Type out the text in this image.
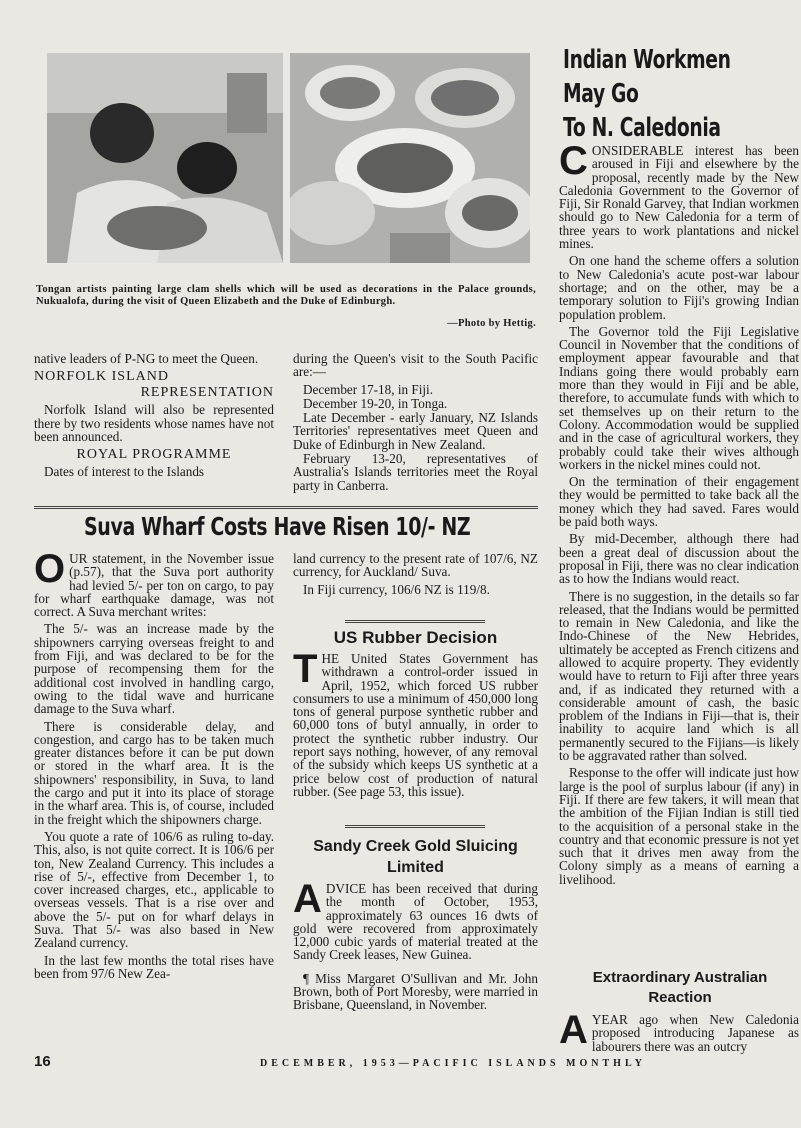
Tongan artists painting large clam shells which will be used as decorations in the Palace grounds, Nukualofa, during the visit of Queen Elizabeth and the Duke of Edinburgh.
—Photo by Hettig.

native leaders of P-NG to meet the Queen.

NORFOLK ISLAND
REPRESENTATION

Norfolk Island will also be represented there by two residents whose names have not been announced.

ROYAL PROGRAMME

Dates of interest to the Islands

during the Queen's visit to the South Pacific are:—

December 17-18, in Fiji.

December 19-20, in Tonga.

Late December - early January, NZ Islands Territories' representatives meet Queen and Duke of Edinburgh in New Zealand.

February 13-20, representatives of Australia's Islands territories meet the Royal party in Canberra.

Suva Wharf Costs Have Risen 10/- NZ

OUR statement, in the November issue (p.57), that the Suva port authority had levied 5/- per ton on cargo, to pay for wharf earthquake damage, was not correct. A Suva merchant writes:

The 5/- was an increase made by the shipowners carrying overseas freight to and from Fiji, and was declared to be for the purpose of recompensing them for the additional cost involved in handling cargo, owing to the tidal wave and hurricane damage to the Suva wharf.

There is considerable delay, and congestion, and cargo has to be taken much greater distances before it can be put down or stored in the wharf area. It is the shipowners' responsibility, in Suva, to land the cargo and put it into its place of storage in the wharf area. This is, of course, included in the freight which the shipowners charge.

You quote a rate of 106/6 as ruling to-day. This, also, is not quite correct. It is 106/6 per ton, New Zealand Currency. This includes a rise of 5/-, effective from December 1, to cover increased charges, etc., applicable to overseas vessels. That is a rise over and above the 5/- put on for wharf delays in Suva. That 5/- was also based in New Zealand currency.

In the last few months the total rises have been from 97/6 New Zea-

land currency to the present rate of 107/6, NZ currency, for Auckland/ Suva.

In Fiji currency, 106/6 NZ is 119/8.

US Rubber Decision

THE United States Government has withdrawn a control-order issued in April, 1952, which forced US rubber consumers to use a minimum of 450,000 long tons of general purpose synthetic rubber and 60,000 tons of butyl annually, in order to protect the synthetic rubber industry. Our report says nothing, however, of any removal of the subsidy which keeps US synthetic at a price below cost of production of natural rubber. (See page 53, this issue).

Sandy Creek Gold Sluicing Limited

ADVICE has been received that during the month of October, 1953, approximately 63 ounces 16 dwts of gold were recovered from approximately 12,000 cubic yards of material treated at the Sandy Creek leases, New Guinea.

¶ Miss Margaret O'Sullivan and Mr. John Brown, both of Port Moresby, were married in Brisbane, Queensland, in November.

Indian Workmen
May Go
To N. Caledonia

CONSIDERABLE interest has been aroused in Fiji and elsewhere by the proposal, recently made by the New Caledonia Government to the Governor of Fiji, Sir Ronald Garvey, that Indian workmen should go to New Caledonia for a term of three years to work plantations and nickel mines.

On one hand the scheme offers a solution to New Caledonia's acute post-war labour shortage; and on the other, may be a temporary solution to Fiji's growing Indian population problem.

The Governor told the Fiji Legislative Council in November that the conditions of employment appear favourable and that Indians going there would probably earn more than they would in Fiji and be able, therefore, to accumulate funds with which to set themselves up on their return to the Colony. Accommodation would be supplied and in the case of agricultural workers, they probably could take their wives although workers in the nickel mines could not.

On the termination of their engagement they would be permitted to take back all the money which they had saved. Fares would be paid both ways.

By mid-December, although there had been a great deal of discussion about the proposal in Fiji, there was no clear indication as to how the Indians would react.

There is no suggestion, in the details so far released, that the Indians would be permitted to remain in New Caledonia, and like the Indo-Chinese of the New Hebrides, ultimately be accepted as French citizens and allowed to acquire property. They evidently would have to return to Fiji after three years and, if as indicated they returned with a considerable amount of cash, the basic problem of the Indians in Fiji—that is, their inability to acquire land which is all permanently secured to the Fijians—is likely to be aggravated rather than solved.

Response to the offer will indicate just how large is the pool of surplus labour (if any) in Fiji. If there are few takers, it will mean that the ambition of the Fijian Indian is still tied to the acquisition of a personal stake in the country and that economic pressure is not yet such that it drives men away from the Colony simply as a means of earning a livelihood.

Extraordinary Australian Reaction

AYEAR ago when New Caledonia proposed introducing Japanese as labourers there was an outcry

16	DECEMBER, 1953—PACIFIC ISLANDS MONTHLY
